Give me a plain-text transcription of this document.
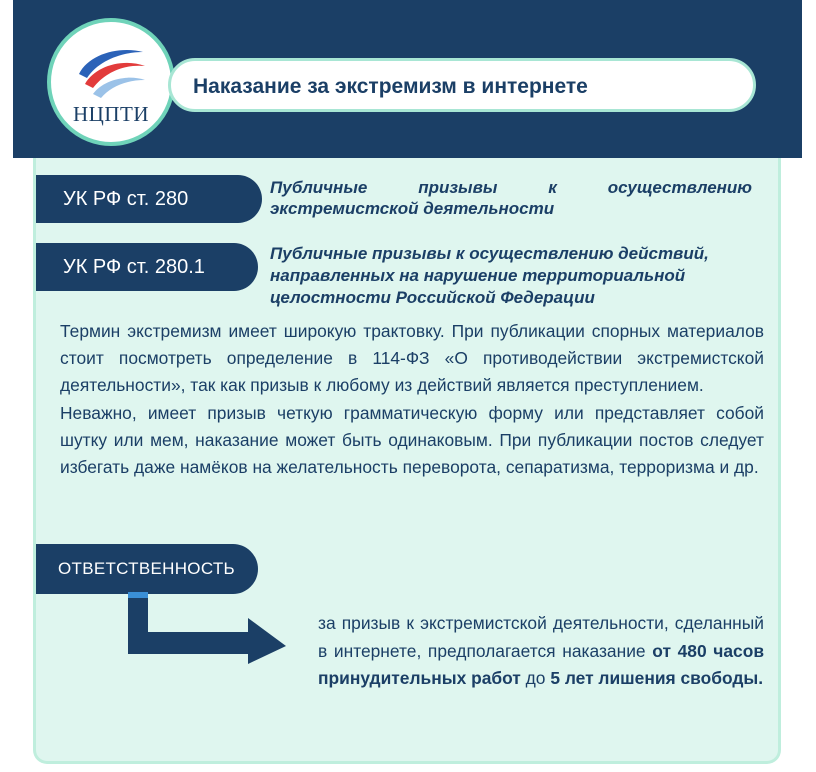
НЦПТИ
Наказание за экстремизм в интернете
УК РФ ст. 280
Публичные призывы к осуществлению экстремистской деятельности
УК РФ ст. 280.1
Публичные призывы к осуществлению действий,
направленных на нарушение территориальной
целостности Российской Федерации

Термин экстремизм имеет широкую трактовку. При публикации спорных материалов стоит посмотреть определение в 114-ФЗ «О противодействии экстремистской деятельности», так как призыв к любому из действий является преступлением.

Неважно, имеет призыв четкую грамматическую форму или представляет собой шутку или мем, наказание может быть одинаковым. При публикации постов следует избегать даже намёков на желательность переворота, сепаратизма, терроризма и др.

ОТВЕТСТВЕННОСТЬ
за призыв к экстремистской деятельности, сделанный в интернете, предполагается наказание от 480 часов принудительных работ до 5 лет лишения свободы.
